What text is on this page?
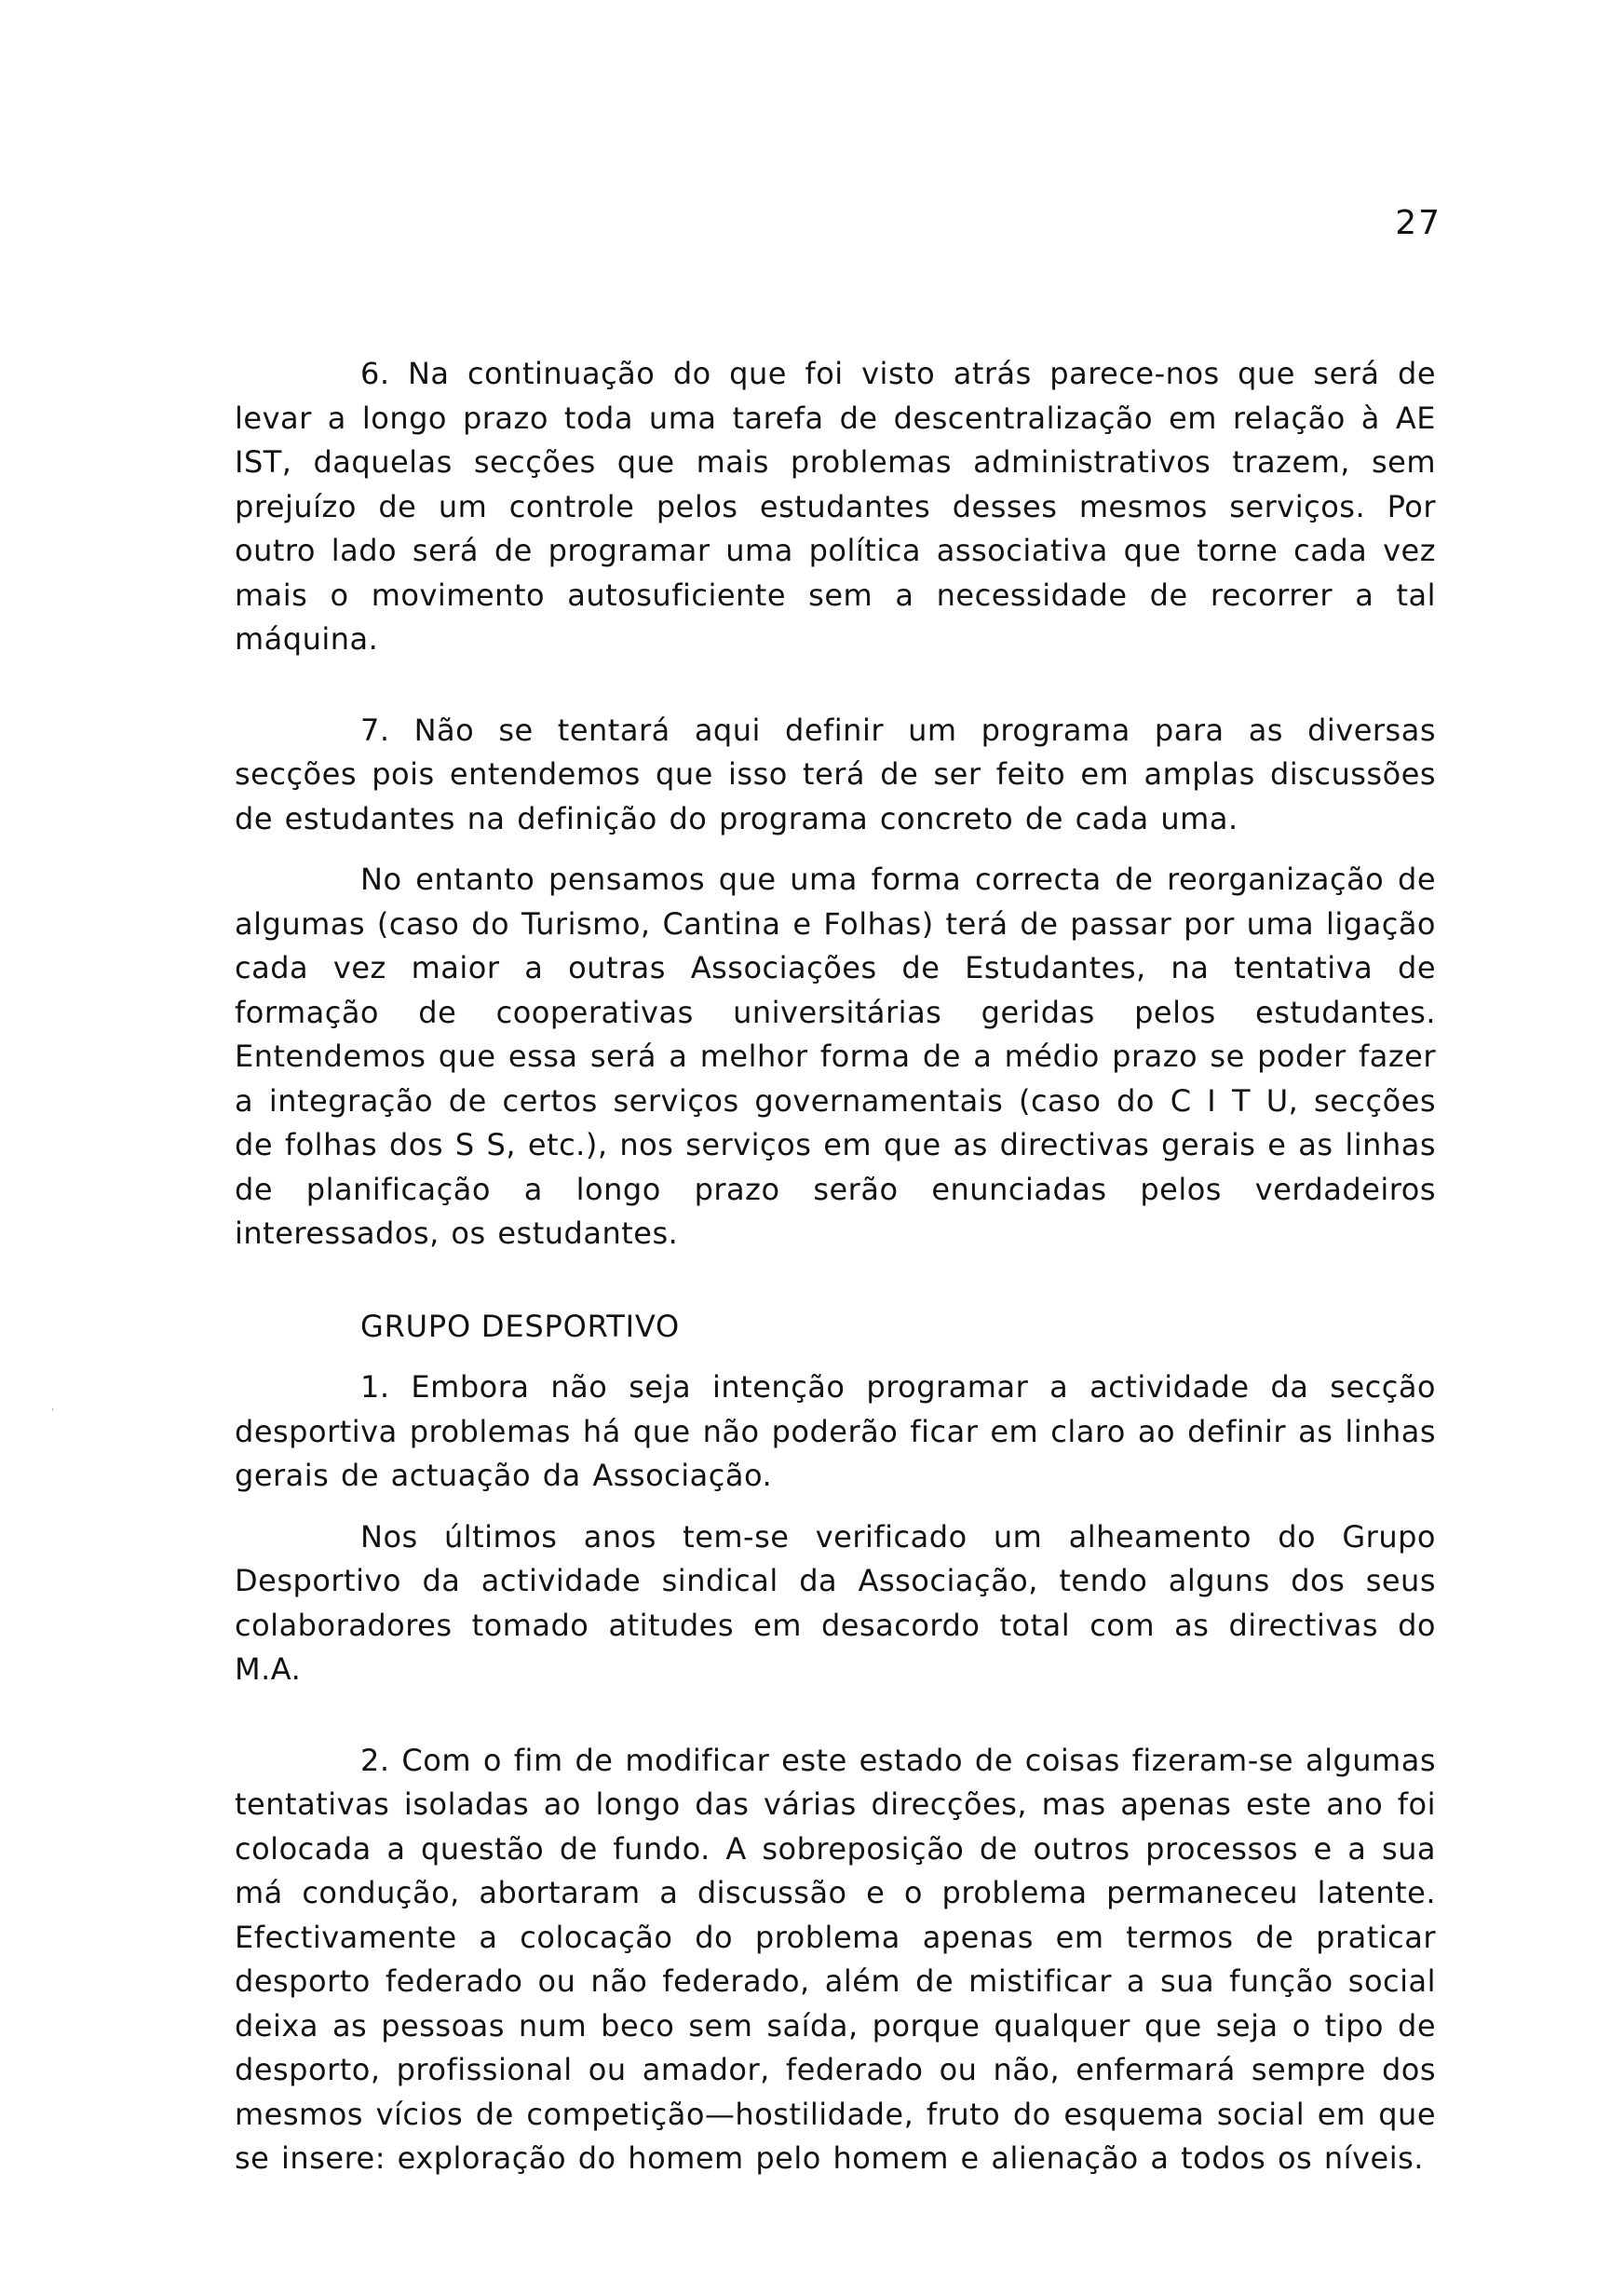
27

6. Na continuação do que foi visto atrás parece-nos que será de levar a longo prazo toda uma tarefa de descentralização em relação à AE IST, daquelas secções que mais problemas administrativos trazem, sem prejuízo de um controle pelos estudantes desses mesmos serviços. Por outro lado será de programar uma política associativa que torne cada vez mais o movimento autosuficiente sem a necessidade de recorrer a tal máquina.

7. Não se tentará aqui definir um programa para as diversas secções pois entendemos que isso terá de ser feito em amplas discussões de estudantes na definição do programa concreto de cada uma.

No entanto pensamos que uma forma correcta de reorganização de algumas (caso do Turismo, Cantina e Folhas) terá de passar por uma ligação cada vez maior a outras Associações de Estudantes, na tentativa de formação de cooperativas universitárias geridas pelos estudantes. Entendemos que essa será a melhor forma de a médio prazo se poder fazer a integração de certos serviços governamentais (caso do C I T U, secções de folhas dos S S, etc.), nos serviços em que as directivas gerais e as linhas de planificação a longo prazo serão enunciadas pelos verdadeiros interessados, os estudantes.

GRUPO DESPORTIVO

1. Embora não seja intenção programar a actividade da secção desportiva problemas há que não poderão ficar em claro ao definir as linhas gerais de actuação da Associação.

Nos últimos anos tem-se verificado um alheamento do Grupo Desportivo da actividade sindical da Associação, tendo alguns dos seus colaboradores tomado atitudes em desacordo total com as directivas do M.A.

2. Com o fim de modificar este estado de coisas fizeram-se algumas tentativas isoladas ao longo das várias direcções, mas apenas este ano foi colocada a questão de fundo. A sobreposição de outros processos e a sua má condução, abortaram a discussão e o problema permaneceu latente. Efectivamente a colocação do problema apenas em termos de praticar desporto federado ou não federado, além de mistificar a sua função social deixa as pessoas num beco sem saída, porque qualquer que seja o tipo de desporto, profissional ou amador, federado ou não, enfermará sempre dos mesmos vícios de competição—hostilidade, fruto do esquema social em que se insere: exploração do homem pelo homem e alienação a todos os níveis.
